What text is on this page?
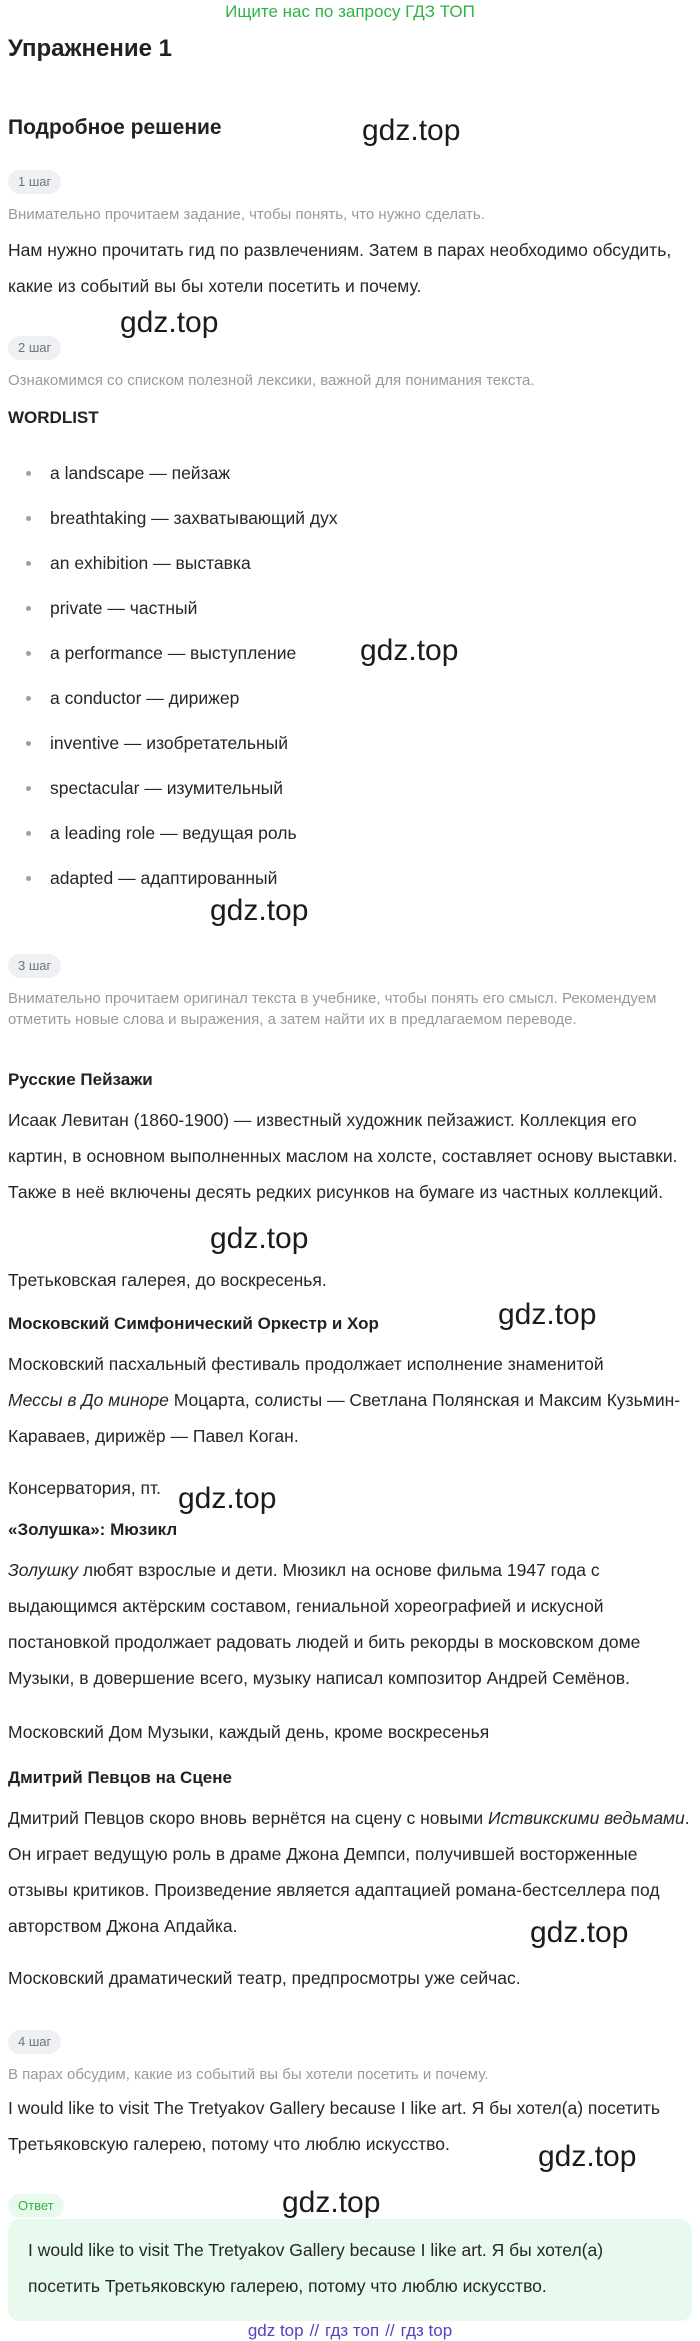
Ищите нас по запросу ГДЗ ТОП
Упражнение 1
Подробное решение	gdz.top
gdz.top
gdz.top
gdz.top
gdz.top
gdz.top
gdz.top
gdz.top
gdz.top
gdz.top
1 шаг
Внимательно прочитаем задание, чтобы понять, что нужно сделать.
Нам нужно прочитать гид по развлечениям. Затем в парах необходимо обсудить, какие из событий вы бы хотели посетить и почему.
2 шаг
Ознакомимся со списком полезной лексики, важной для понимания текста.
WORDLIST
a landscape — пейзаж
breathtaking — захватывающий дух
an exhibition — выставка
private — частный
a performance — выступление
a conductor — дирижер
inventive — изобретательный
spectacular — изумительный
a leading role — ведущая роль
adapted — адаптированный
3 шаг
Внимательно прочитаем оригинал текста в учебнике, чтобы понять его смысл. Рекомендуем отметить новые слова и выражения, а затем найти их в предлагаемом переводе.
Русские Пейзажи
Исаак Левитан (1860-1900) — известный художник пейзажист. Коллекция его картин, в основном выполненных маслом на холсте, составляет основу выставки. Также в неё включены десять редких рисунков на бумаге из частных коллекций.
Третьковская галерея, до воскресенья.
Московский Симфонический Оркестр и Хор
Московский пасхальный фестиваль продолжает исполнение знаменитой
Мессы в До миноре Моцарта, солисты — Светлана Полянская и Максим Кузьмин-Караваев, дирижёр — Павел Коган.
Консерватория, пт.
«Золушка»: Мюзикл
Золушку любят взрослые и дети. Мюзикл на основе фильма 1947 года с выдающимся актёрским составом, гениальной хореографией и искусной постановкой продолжает радовать людей и бить рекорды в московском доме Музыки, в довершение всего, музыку написал композитор Андрей Семёнов.
Московский Дом Музыки, каждый день, кроме воскресенья
Дмитрий Певцов на Сцене
Дмитрий Певцов скоро вновь вернётся на сцену с новыми Иствикскими ведьмами. Он играет ведущую роль в драме Джона Демпси, получившей восторженные отзывы критиков. Произведение является адаптацией романа-бестселлера под авторством Джона Апдайка.
Московский драматический театр, предпросмотры уже сейчас.
4 шаг
В парах обсудим, какие из событий вы бы хотели посетить и почему.
I would like to visit The Tretyakov Gallery because I like art. Я бы хотел(а) посетить Третьяковскую галерею, потому что люблю искусство.
Ответ
I would like to visit The Tretyakov Gallery because I like art. Я бы хотел(а) посетить Третьяковскую галерею, потому что люблю искусство.
gdz top // гдз топ // гдз top
